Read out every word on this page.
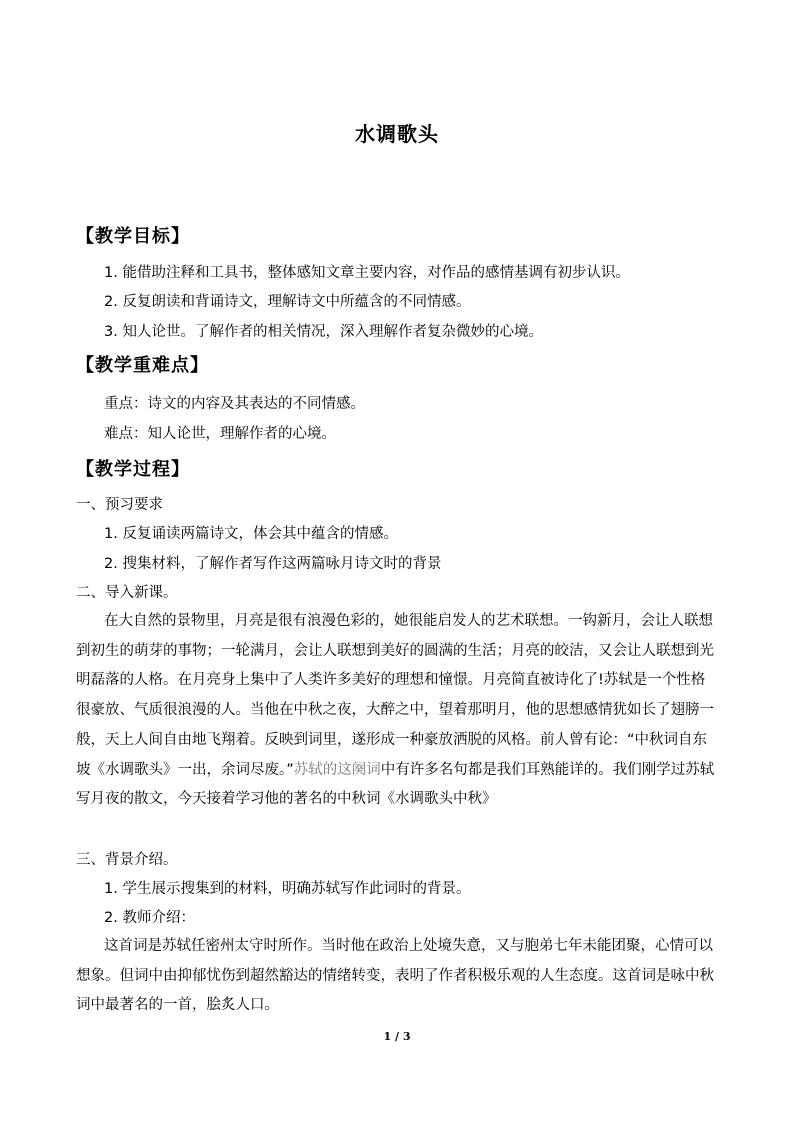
水调歌头
【教学目标】
1. 能借助注释和工具书，整体感知文章主要内容，对作品的感情基调有初步认识。
2. 反复朗读和背诵诗文，理解诗文中所蕴含的不同情感。
3. 知人论世。了解作者的相关情况，深入理解作者复杂微妙的心境。
【教学重难点】
重点：诗文的内容及其表达的不同情感。
难点：知人论世，理解作者的心境。
【教学过程】
一、预习要求
1. 反复诵读两篇诗文，体会其中蕴含的情感。
2. 搜集材料，了解作者写作这两篇咏月诗文时的背景
二、导入新课。
在大自然的景物里，月亮是很有浪漫色彩的，她很能启发人的艺术联想。一钩新月，会让人联想到初生的萌芽的事物；一轮满月，会让人联想到美好的圆满的生活；月亮的皎洁，又会让人联想到光明磊落的人格。在月亮身上集中了人类许多美好的理想和憧憬。月亮简直被诗化了!苏轼是一个性格很豪放、气质很浪漫的人。当他在中秋之夜，大醉之中，望着那明月，他的思想感情犹如长了翅膀一般，天上人间自由地飞翔着。反映到词里，遂形成一种豪放洒脱的风格。前人曾有论：“中秋词自东坡《水调歌头》一出，余词尽废。”苏轼的这阕词中有许多名句都是我们耳熟能详的。我们刚学过苏轼写月夜的散文，今天接着学习他的著名的中秋词《水调歌头中秋》
三、背景介绍。
1. 学生展示搜集到的材料，明确苏轼写作此词时的背景。
2. 教师介绍：
这首词是苏轼任密州太守时所作。当时他在政治上处境失意，又与胞弟七年未能团聚，心情可以想象。但词中由抑郁忧伤到超然豁达的情绪转变，表明了作者积极乐观的人生态度。这首词是咏中秋词中最著名的一首，脍炙人口。
1 / 3
